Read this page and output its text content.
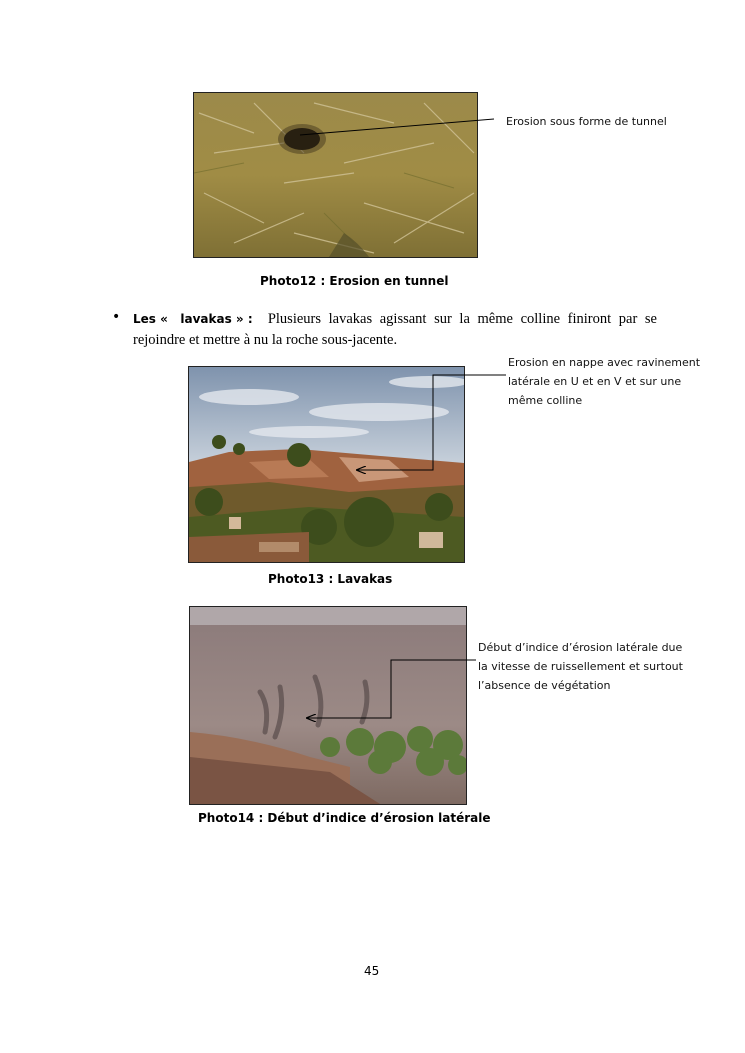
Erosion sous forme de tunnel
Photo12 : Erosion en tunnel
• Les «   lavakas » : Plusieurs lavakas agissant sur la même colline finiront par se
rejoindre et mettre à nu la roche sous-jacente.
Erosion en nappe avec ravinement
latérale en U et en V et sur une
même colline
Photo13 : Lavakas
Début d’indice d’érosion latérale due
la vitesse de ruissellement et surtout
l’absence de végétation
Photo14 : Début d’indice d’érosion latérale
45
